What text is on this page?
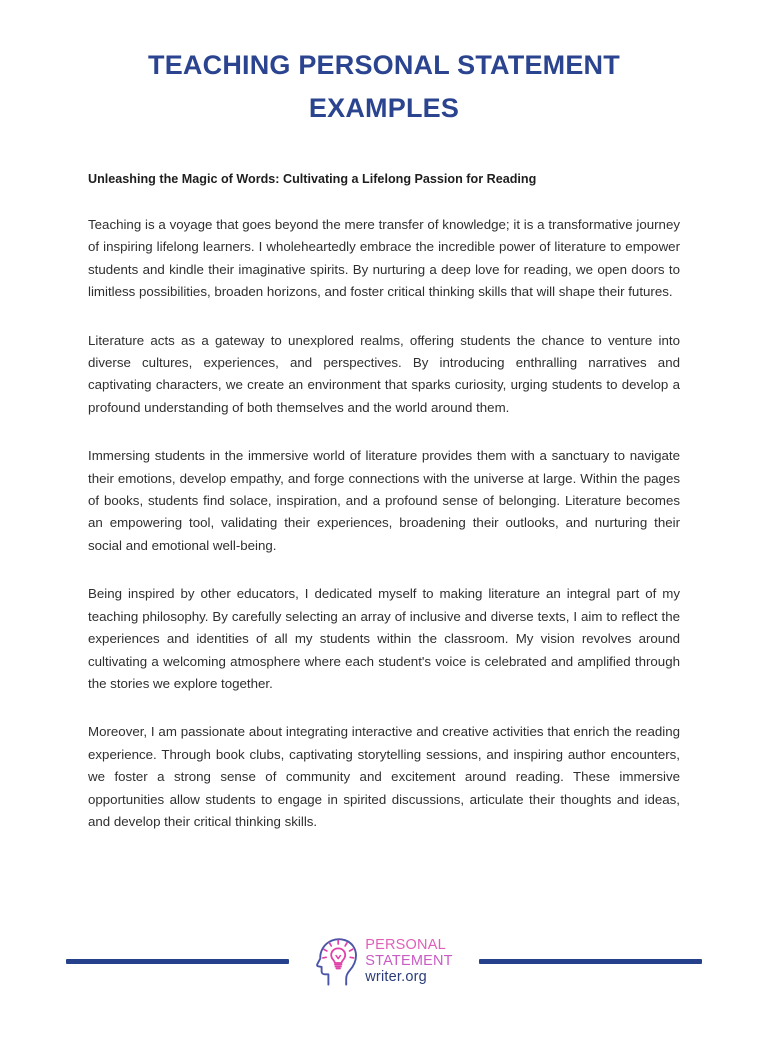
TEACHING PERSONAL STATEMENT EXAMPLES
Unleashing the Magic of Words: Cultivating a Lifelong Passion for Reading

Teaching is a voyage that goes beyond the mere transfer of knowledge; it is a transformative journey of inspiring lifelong learners. I wholeheartedly embrace the incredible power of literature to empower students and kindle their imaginative spirits. By nurturing a deep love for reading, we open doors to limitless possibilities, broaden horizons, and foster critical thinking skills that will shape their futures.

Literature acts as a gateway to unexplored realms, offering students the chance to venture into diverse cultures, experiences, and perspectives. By introducing enthralling narratives and captivating characters, we create an environment that sparks curiosity, urging students to develop a profound understanding of both themselves and the world around them.

Immersing students in the immersive world of literature provides them with a sanctuary to navigate their emotions, develop empathy, and forge connections with the universe at large. Within the pages of books, students find solace, inspiration, and a profound sense of belonging. Literature becomes an empowering tool, validating their experiences, broadening their outlooks, and nurturing their social and emotional well-being.

Being inspired by other educators, I dedicated myself to making literature an integral part of my teaching philosophy. By carefully selecting an array of inclusive and diverse texts, I aim to reflect the experiences and identities of all my students within the classroom. My vision revolves around cultivating a welcoming atmosphere where each student's voice is celebrated and amplified through the stories we explore together.

Moreover, I am passionate about integrating interactive and creative activities that enrich the reading experience. Through book clubs, captivating storytelling sessions, and inspiring author encounters, we foster a strong sense of community and excitement around reading. These immersive opportunities allow students to engage in spirited discussions, articulate their thoughts and ideas, and develop their critical thinking skills.

PERSONAL
STATEMENT
writer.org
